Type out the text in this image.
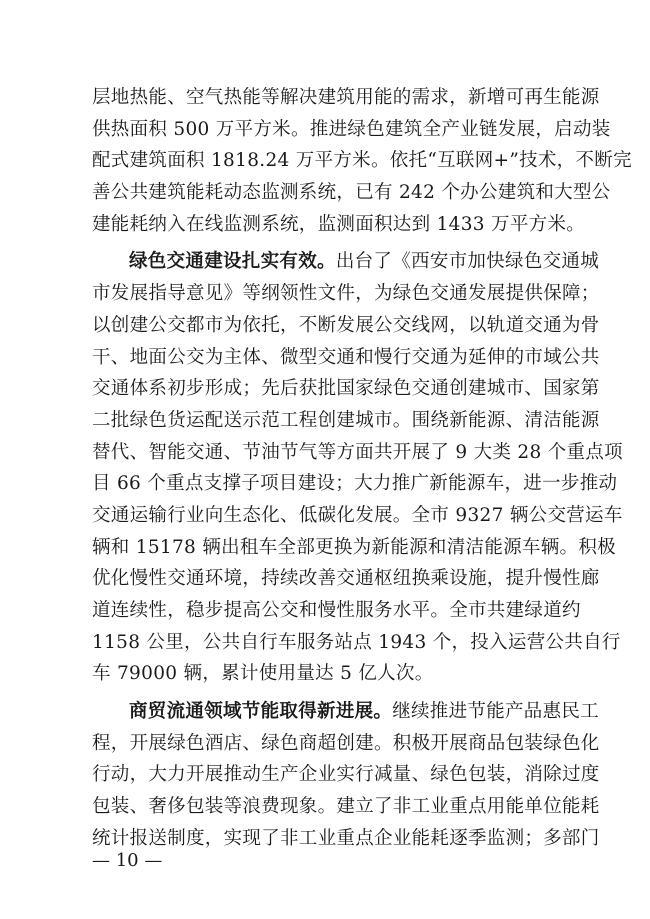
层地热能、空气热能等解决建筑用能的需求，新增可再生能源
供热面积 500 万平方米。推进绿色建筑全产业链发展，启动装
配式建筑面积 1818.24 万平方米。依托“互联网+”技术，不断完
善公共建筑能耗动态监测系统，已有 242 个办公建筑和大型公
建能耗纳入在线监测系统，监测面积达到 1433 万平方米。
绿色交通建设扎实有效。出台了《西安市加快绿色交通城
市发展指导意见》等纲领性文件，为绿色交通发展提供保障；
以创建公交都市为依托，不断发展公交线网，以轨道交通为骨
干、地面公交为主体、微型交通和慢行交通为延伸的市域公共
交通体系初步形成；先后获批国家绿色交通创建城市、国家第
二批绿色货运配送示范工程创建城市。围绕新能源、清洁能源
替代、智能交通、节油节气等方面共开展了 9 大类 28 个重点项
目 66 个重点支撑子项目建设；大力推广新能源车，进一步推动
交通运输行业向生态化、低碳化发展。全市 9327 辆公交营运车
辆和 15178 辆出租车全部更换为新能源和清洁能源车辆。积极
优化慢性交通环境，持续改善交通枢纽换乘设施，提升慢性廊
道连续性，稳步提高公交和慢性服务水平。全市共建绿道约
1158 公里，公共自行车服务站点 1943 个，投入运营公共自行
车 79000 辆，累计使用量达 5 亿人次。
商贸流通领域节能取得新进展。继续推进节能产品惠民工
程，开展绿色酒店、绿色商超创建。积极开展商品包装绿色化
行动，大力开展推动生产企业实行减量、绿色包装，消除过度
包装、奢侈包装等浪费现象。建立了非工业重点用能单位能耗
统计报送制度，实现了非工业重点企业能耗逐季监测；多部门
— 10 —
